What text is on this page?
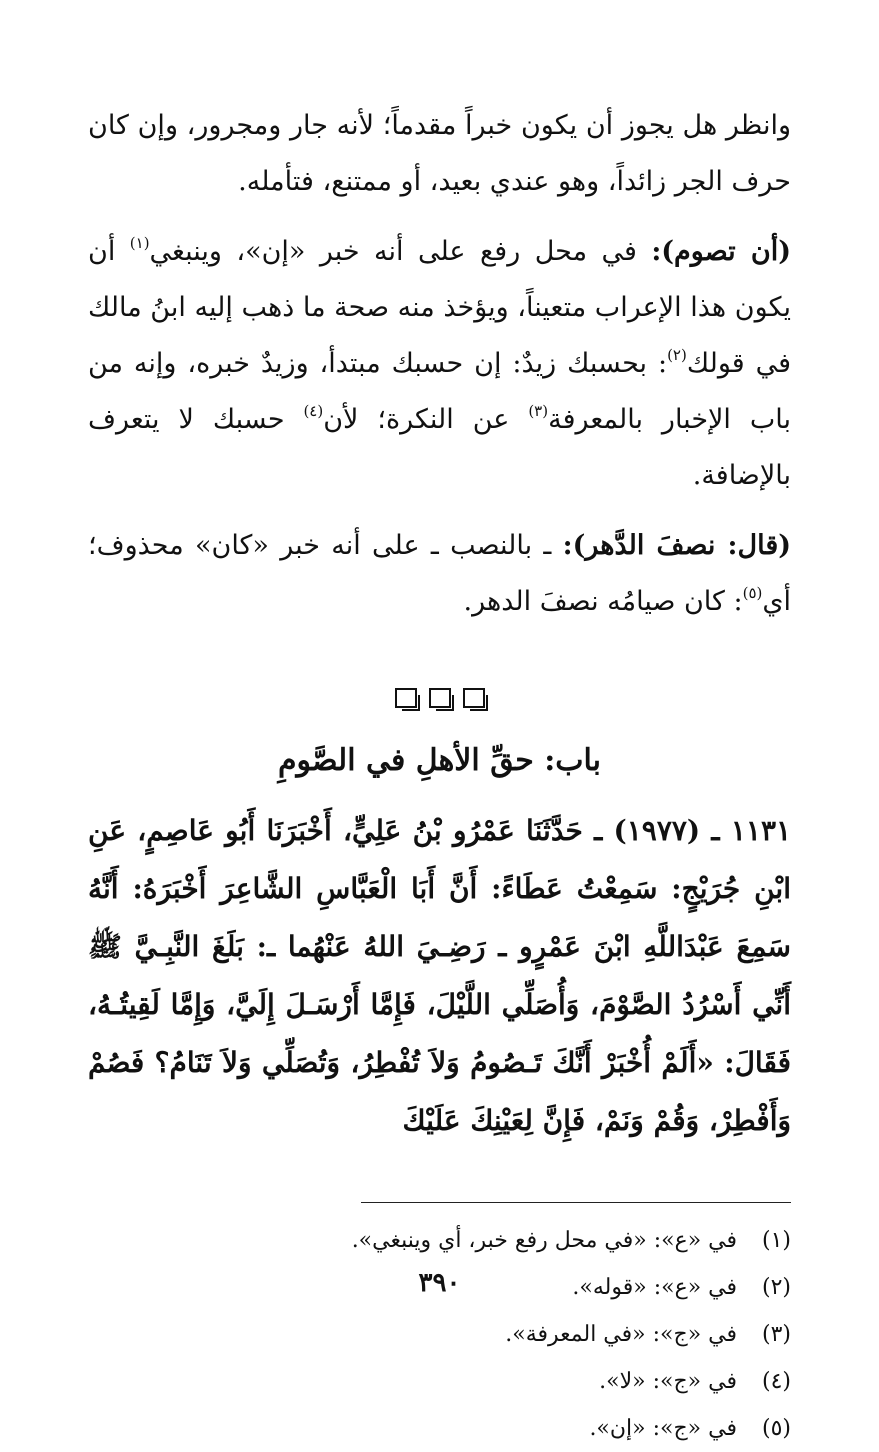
وانظر هل يجوز أن يكون خبراً مقدماً؛ لأنه جار ومجرور، وإن كان حرف الجر زائداً، وهو عندي بعيد، أو ممتنع، فتأمله.

(أن تصوم): في محل رفع على أنه خبر «إن»، وينبغي$^{(١)}$ أن يكون هذا الإعراب متعيناً، ويؤخذ منه صحة ما ذهب إليه ابنُ مالك في قولك$^{(٢)}$: بحسبك زيدٌ: إن حسبك مبتدأ، وزيدٌ خبره، وإنه من باب الإخبار بالمعرفة$^{(٣)}$ عن النكرة؛ لأن$^{(٤)}$ حسبك لا يتعرف بالإضافة.

(قال: نصفَ الدَّهر): ـ بالنصب ـ على أنه خبر «كان» محذوف؛ أي$^{(٥)}$: كان صيامُه نصفَ الدهر.

باب: حقِّ الأهلِ في الصَّومِ

١١٣١ ـ (١٩٧٧) ـ حَدَّثَنَا عَمْرُو بْنُ عَلِيٍّ، أَخْبَرَنَا أَبُو عَاصِمٍ، عَنِ ابْنِ جُرَيْجٍ: سَمِعْتُ عَطَاءً: أَنَّ أَبَا الْعَبَّاسِ الشَّاعِرَ أَخْبَرَهُ: أَنَّهُ سَمِعَ عَبْدَاللَّهِ ابْنَ عَمْرٍو ـ رَضِـيَ اللهُ عَنْهُما ـ: بَلَغَ النَّبِـيَّ ﷺ أَنِّي أَسْرُدُ الصَّوْمَ، وَأُصَلِّي اللَّيْلَ، فَإِمَّا أَرْسَـلَ إِلَيَّ، وَإِمَّا لَقِيتُـهُ، فَقَالَ: «أَلَمْ أُخْبَرْ أَنَّكَ تَـصُومُ وَلاَ تُفْطِرُ، وَتُصَلِّي وَلاَ تَنَامُ؟ فَصُمْ وَأَفْطِرْ، وَقُمْ وَنَمْ، فَإِنَّ لِعَيْنِكَ عَلَيْكَ

(١)
في «ع»: «في محل رفع خبر، أي وينبغي».
(٢)
في «ع»: «قوله».
(٣)
في «ج»: «في المعرفة».
(٤)
في «ج»: «لا».
(٥)
في «ج»: «إن».
٣٩٠
